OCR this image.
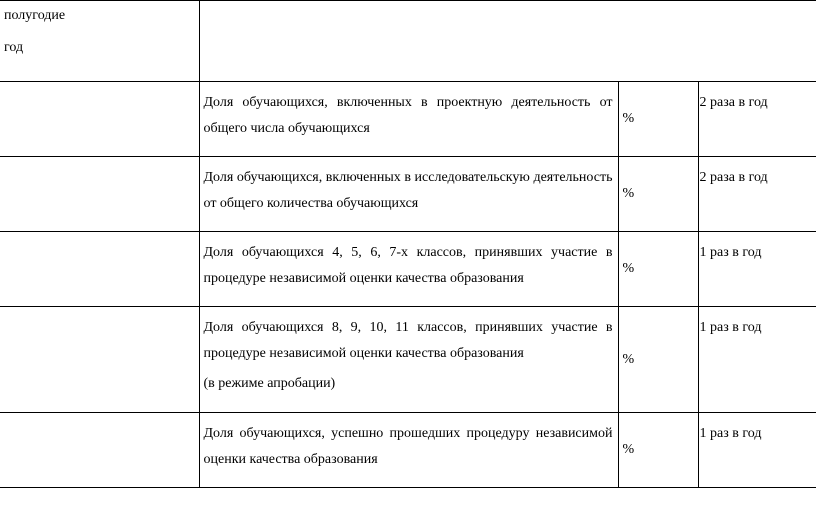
полугодие
год			

	Доля обучающихся, включенных в проектную деятельность от общего числа обучающихся	%	2 раза в год

	Доля обучающихся, включенных в исследовательскую деятельность от общего количества обучающихся	%	2 раза в год

	Доля обучающихся 4, 5, 6, 7-х классов, принявших участие в процедуре независимой оценки качества образования	%	1 раз в год

	Доля обучающихся 8, 9, 10, 11 классов, принявших участие в процедуре независимой оценки качества образования
(в режиме апробации)	%	1 раз в год

	Доля обучающихся, успешно прошедших процедуру независимой оценки качества образования	%	1 раз в год
